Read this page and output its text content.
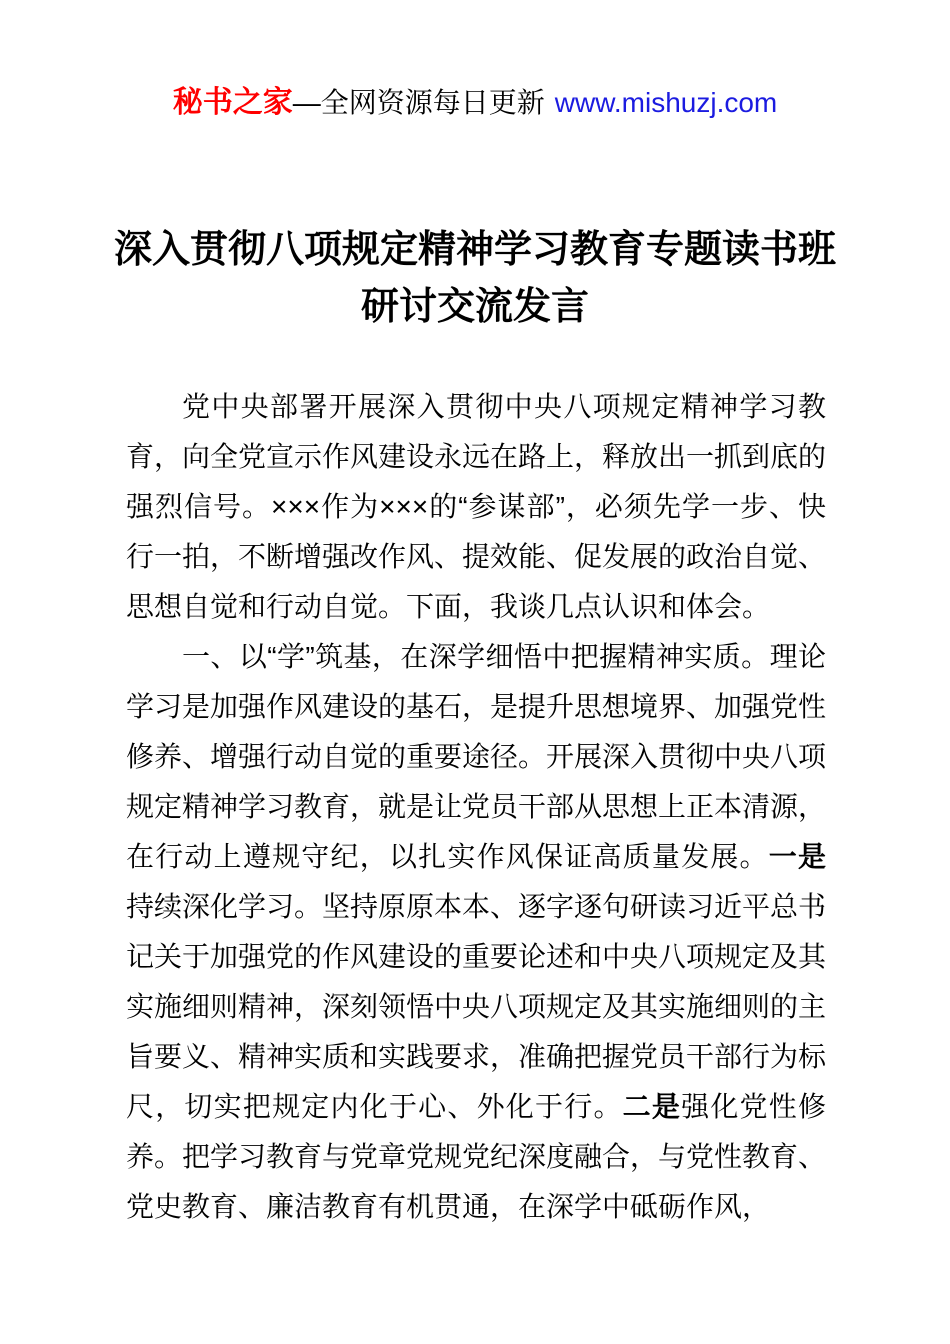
秘书之家—全网资源每日更新 www.mishuzj.com
深入贯彻八项规定精神学习教育专题读书班
研讨交流发言

党中央部署开展深入贯彻中央八项规定精神学习教育，向全党宣示作风建设永远在路上，释放出一抓到底的强烈信号。×××作为×××的“参谋部”，必须先学一步、快行一拍，不断增强改作风、提效能、促发展的政治自觉、思想自觉和行动自觉。下面，我谈几点认识和体会。

一、以“学”筑基，在深学细悟中把握精神实质。理论学习是加强作风建设的基石，是提升思想境界、加强党性修养、增强行动自觉的重要途径。开展深入贯彻中央八项规定精神学习教育，就是让党员干部从思想上正本清源，在行动上遵规守纪，以扎实作风保证高质量发展。一是持续深化学习。坚持原原本本、逐字逐句研读习近平总书记关于加强党的作风建设的重要论述和中央八项规定及其实施细则精神，深刻领悟中央八项规定及其实施细则的主旨要义、精神实质和实践要求，准确把握党员干部行为标尺，切实把规定内化于心、外化于行。二是强化党性修养。把学习教育与党章党规党纪深度融合，与党性教育、党史教育、廉洁教育有机贯通，在深学中砥砺作风，
